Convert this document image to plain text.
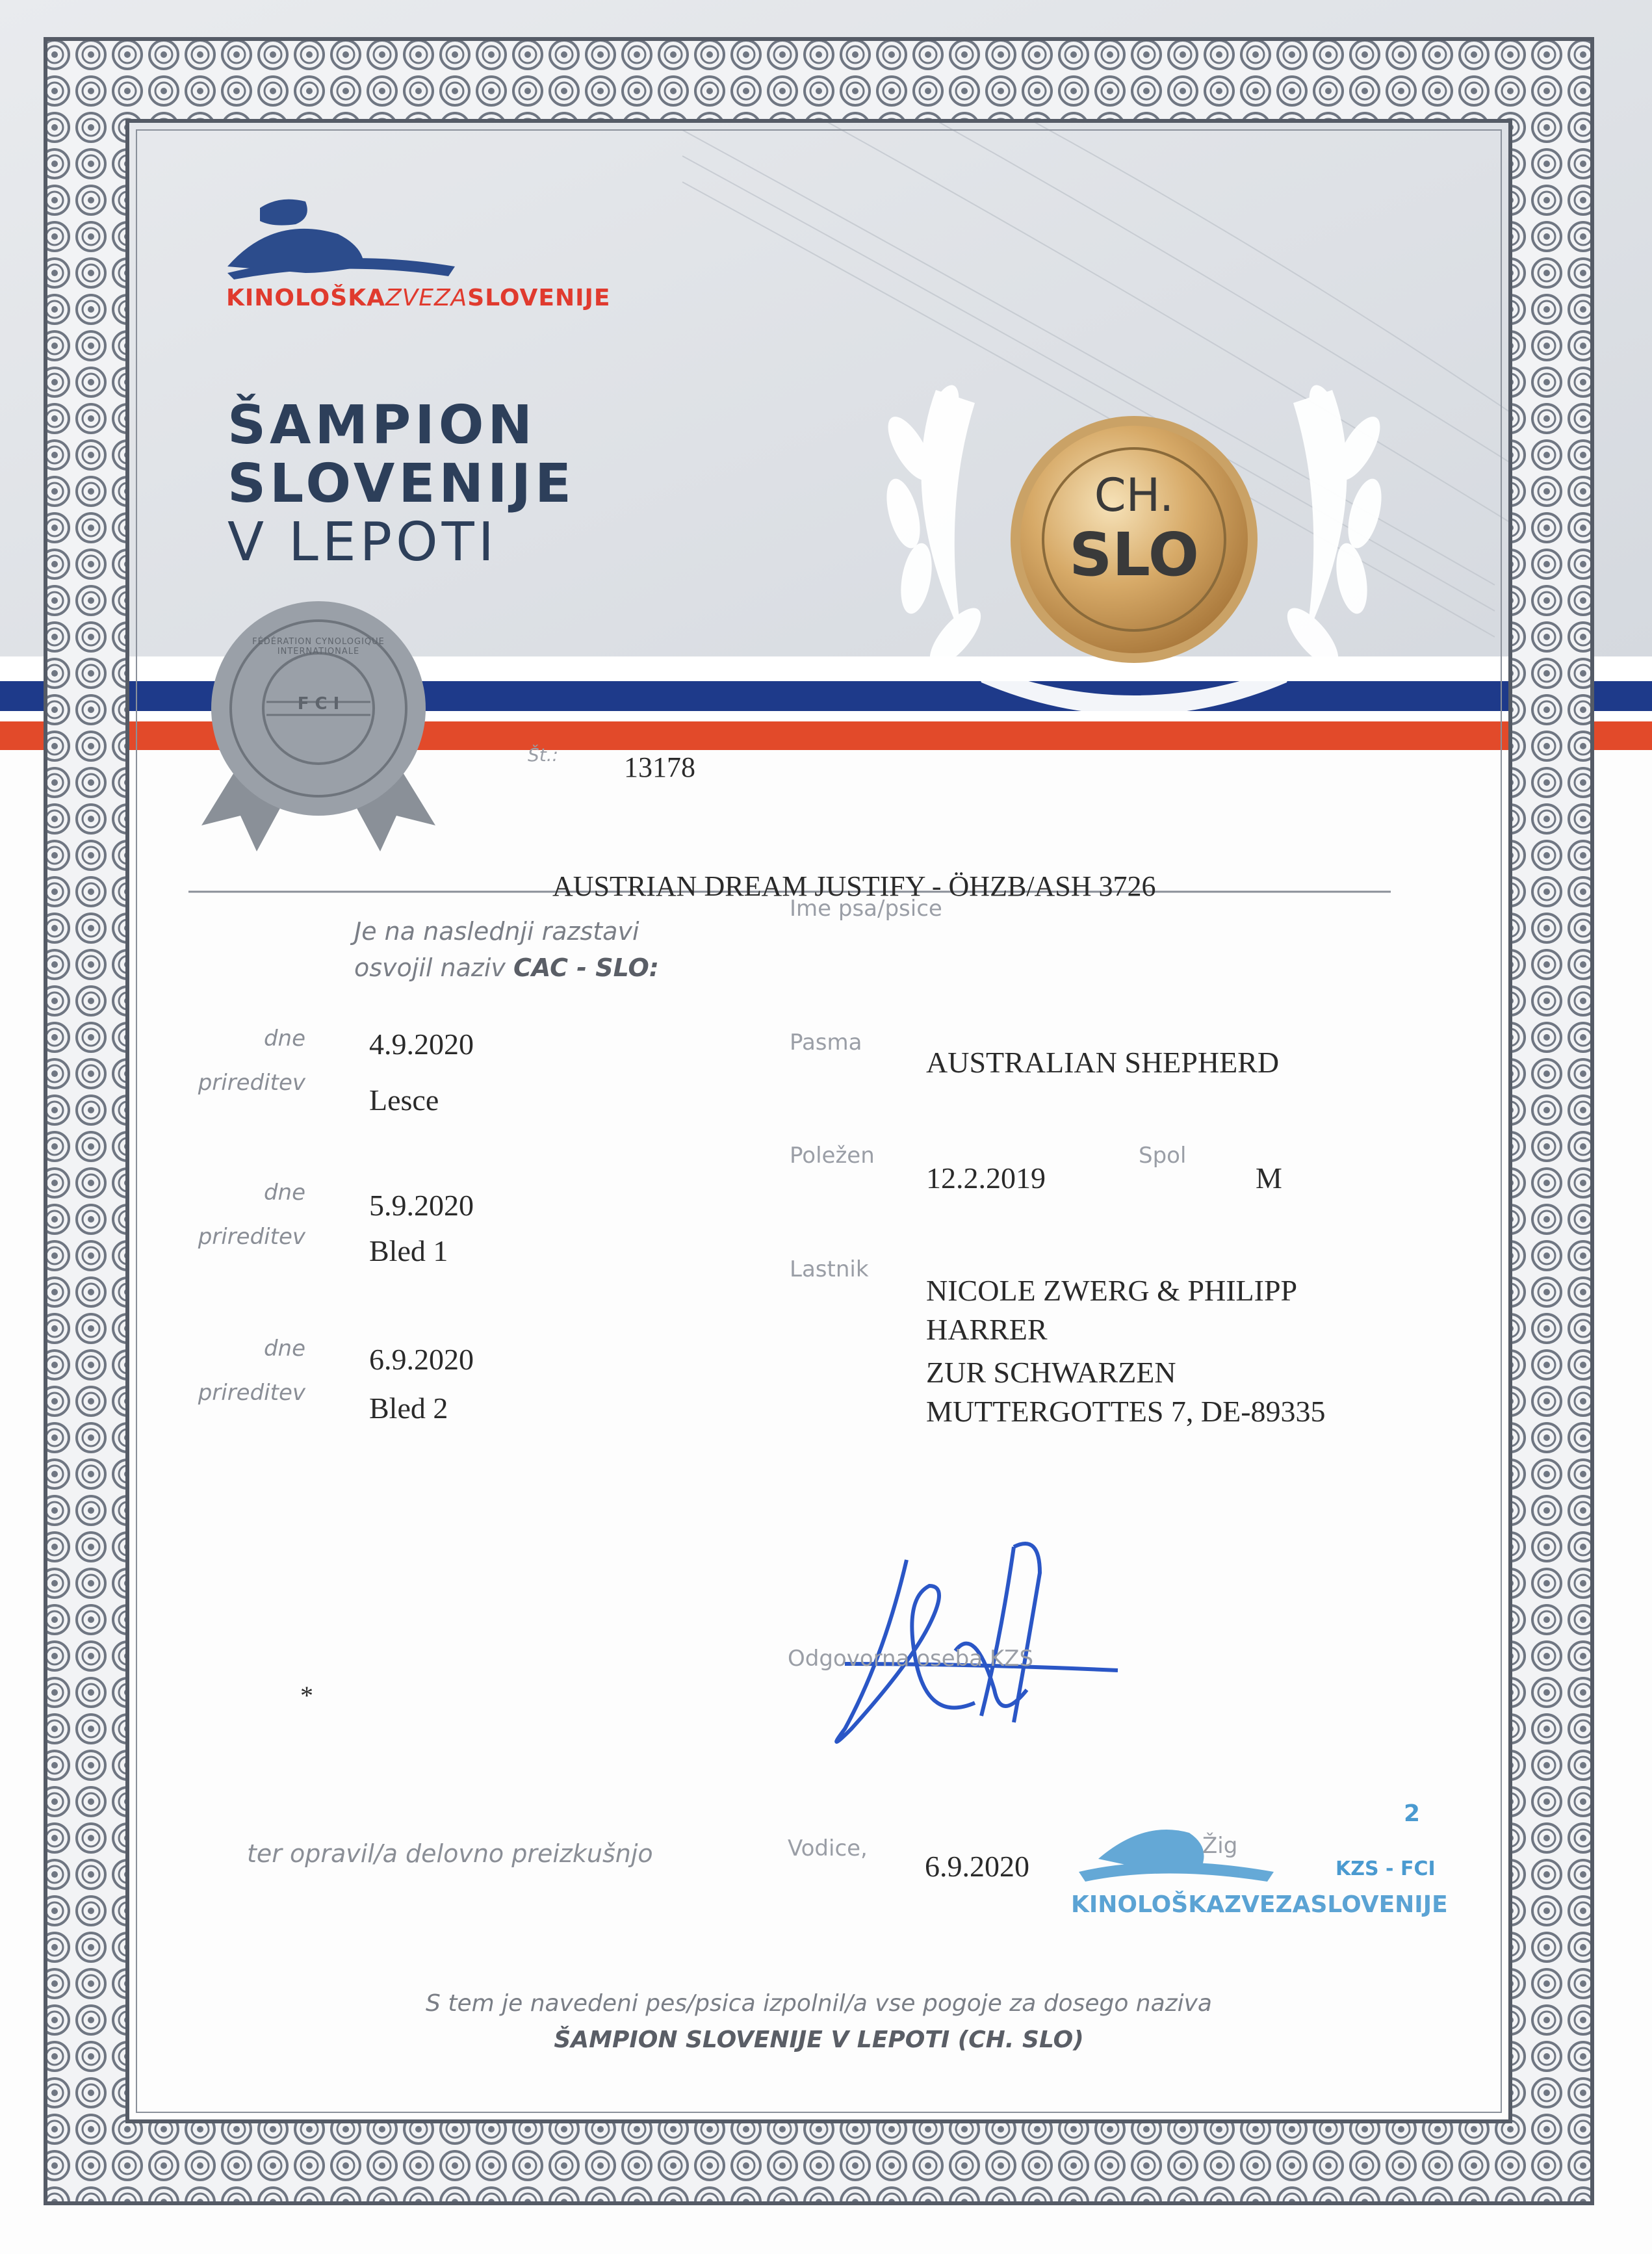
KINOLOŠKAZVEZASLOVENIJE
ŠAMPION
SLOVENIJE
V LEPOTI
CH.
SLO
F C I
FÉDÉRATION CYNOLOGIQUE INTERNATIONALE
Št.: 13178
AUSTRIAN DREAM JUSTIFY - ÖHZB/ASH 3726
Ime psa/psice
Je na naslednji razstavi
osvojil naziv CAC - SLO:
dne
prireditev
4.9.2020
Lesce
dne
prireditev
5.9.2020
Bled 1
dne
prireditev
6.9.2020
Bled 2
Pasma
AUSTRALIAN SHEPHERD
Poležen
12.2.2019
Spol
M
Lastnik
NICOLE ZWERG & PHILIPP
HARRER
ZUR SCHWARZEN
MUTTERGOTTES 7, DE-89335
Odgovorna oseba KZS
*
ter opravil/a delovno preizkušnjo	Vodice,
6.9.2020
Žig
2
KZS - FCI
KINOLOŠKAZVEZASLOVENIJE
S tem je navedeni pes/psica izpolnil/a vse pogoje za dosego naziva
ŠAMPION SLOVENIJE V LEPOTI (CH. SLO)
